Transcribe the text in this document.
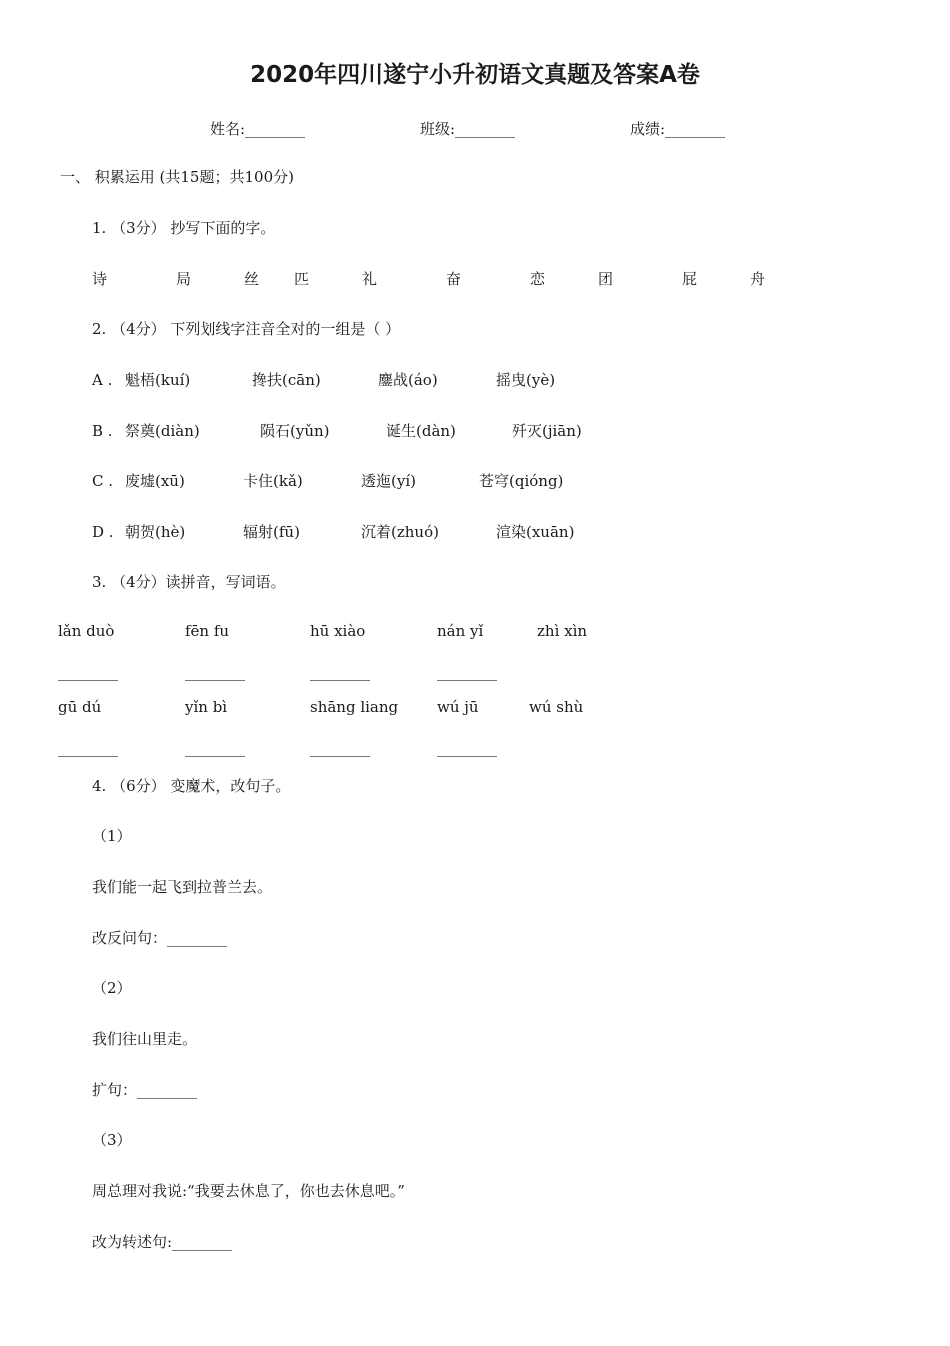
2020年四川遂宁小升初语文真题及答案A卷
姓名:________	班级:________	成绩:________
一、 积累运用 (共15题；共100分)
1. （3分） 抄写下面的字。
诗	局	丝 匹	礼	奋	恋	团	屁	舟
2. （4分） 下列划线字注音全对的一组是（ ）
A . 魁梧(kuí)	搀扶(cān)	鏖战(áo)	摇曳(yè)
B . 祭奠(diàn)	陨石(yǔn)	诞生(dàn)	歼灭(jiān)
C . 废墟(xū)	卡住(kǎ)	透迤(yí)	苍穹(qióng)
D . 朝贺(hè)	辐射(fū)	沉着(zhuó)	渲染(xuān)
3. （4分）读拼音，写词语。
lǎn duò	fēn fu	hū xiào	nán yǐ	zhì xìn
________	________	________	________
gū dú	yǐn bì	shāng liang	wú jū	wú shù
________	________	________	________
4. （6分） 变魔术，改句子。
（1）
我们能一起飞到拉普兰去。
改反问句：________
（2）
我们往山里走。
扩句：________
（3）
周总理对我说:“我要去休息了，你也去休息吧。”
改为转述句:________
